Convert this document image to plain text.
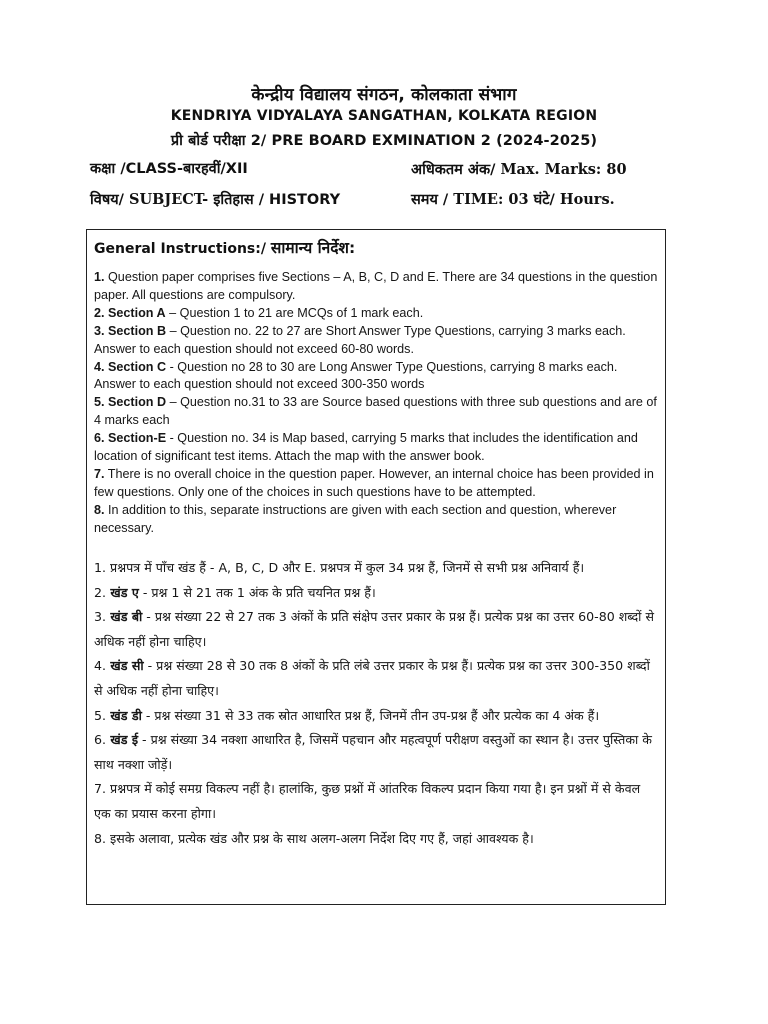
केन्द्रीय विद्यालय संगठन, कोलकाता संभाग
KENDRIYA VIDYALAYA SANGATHAN, KOLKATA REGION
प्री बोर्ड परीक्षा 2/ PRE BOARD EXMINATION 2 (2024-2025)
कक्षा /CLASS-बारहवीं/XII	अधिकतम अंक/ Max. Marks: 80
विषय/ SUBJECT- इतिहास / HISTORY	समय / TIME: 03 घंटे/ Hours.
General Instructions:/ सामान्य निर्देश:
1. Question paper comprises five Sections – A, B, C, D and E. There are 34 questions in the question paper. All questions are compulsory.
2. Section A – Question 1 to 21 are MCQs of 1 mark each.
3. Section B – Question no. 22 to 27 are Short Answer Type Questions, carrying 3 marks each. Answer to each question should not exceed 60-80 words.
4. Section C - Question no 28 to 30 are Long Answer Type Questions, carrying 8 marks each. Answer to each question should not exceed 300-350 words
5. Section D – Question no.31 to 33 are Source based questions with three sub questions and are of 4 marks each
6. Section-E - Question no. 34 is Map based, carrying 5 marks that includes the identification and location of significant test items. Attach the map with the answer book.
7. There is no overall choice in the question paper. However, an internal choice has been provided in few questions. Only one of the choices in such questions have to be attempted.
8. In addition to this, separate instructions are given with each section and question, wherever necessary.
1. प्रश्नपत्र में पाँच खंड हैं - A, B, C, D और E. प्रश्नपत्र में कुल 34 प्रश्न हैं, जिनमें से सभी प्रश्न अनिवार्य हैं।
2. खंड ए - प्रश्न 1 से 21 तक 1 अंक के प्रति चयनित प्रश्न हैं।
3. खंड बी - प्रश्न संख्या 22 से 27 तक 3 अंकों के प्रति संक्षेप उत्तर प्रकार के प्रश्न हैं। प्रत्येक प्रश्न का उत्तर 60-80 शब्दों से अधिक नहीं होना चाहिए।
4. खंड सी - प्रश्न संख्या 28 से 30 तक 8 अंकों के प्रति लंबे उत्तर प्रकार के प्रश्न हैं। प्रत्येक प्रश्न का उत्तर 300-350 शब्दों से अधिक नहीं होना चाहिए।
5. खंड डी - प्रश्न संख्या 31 से 33 तक स्रोत आधारित प्रश्न हैं, जिनमें तीन उप-प्रश्न हैं और प्रत्येक का 4 अंक हैं।
6. खंड ई - प्रश्न संख्या 34 नक्शा आधारित है, जिसमें पहचान और महत्वपूर्ण परीक्षण वस्तुओं का स्थान है। उत्तर पुस्तिका के साथ नक्शा जोड़ें।
7. प्रश्नपत्र में कोई समग्र विकल्प नहीं है। हालांकि, कुछ प्रश्नों में आंतरिक विकल्प प्रदान किया गया है। इन प्रश्नों में से केवल एक का प्रयास करना होगा।
8. इसके अलावा, प्रत्येक खंड और प्रश्न के साथ अलग-अलग निर्देश दिए गए हैं, जहां आवश्यक है।
